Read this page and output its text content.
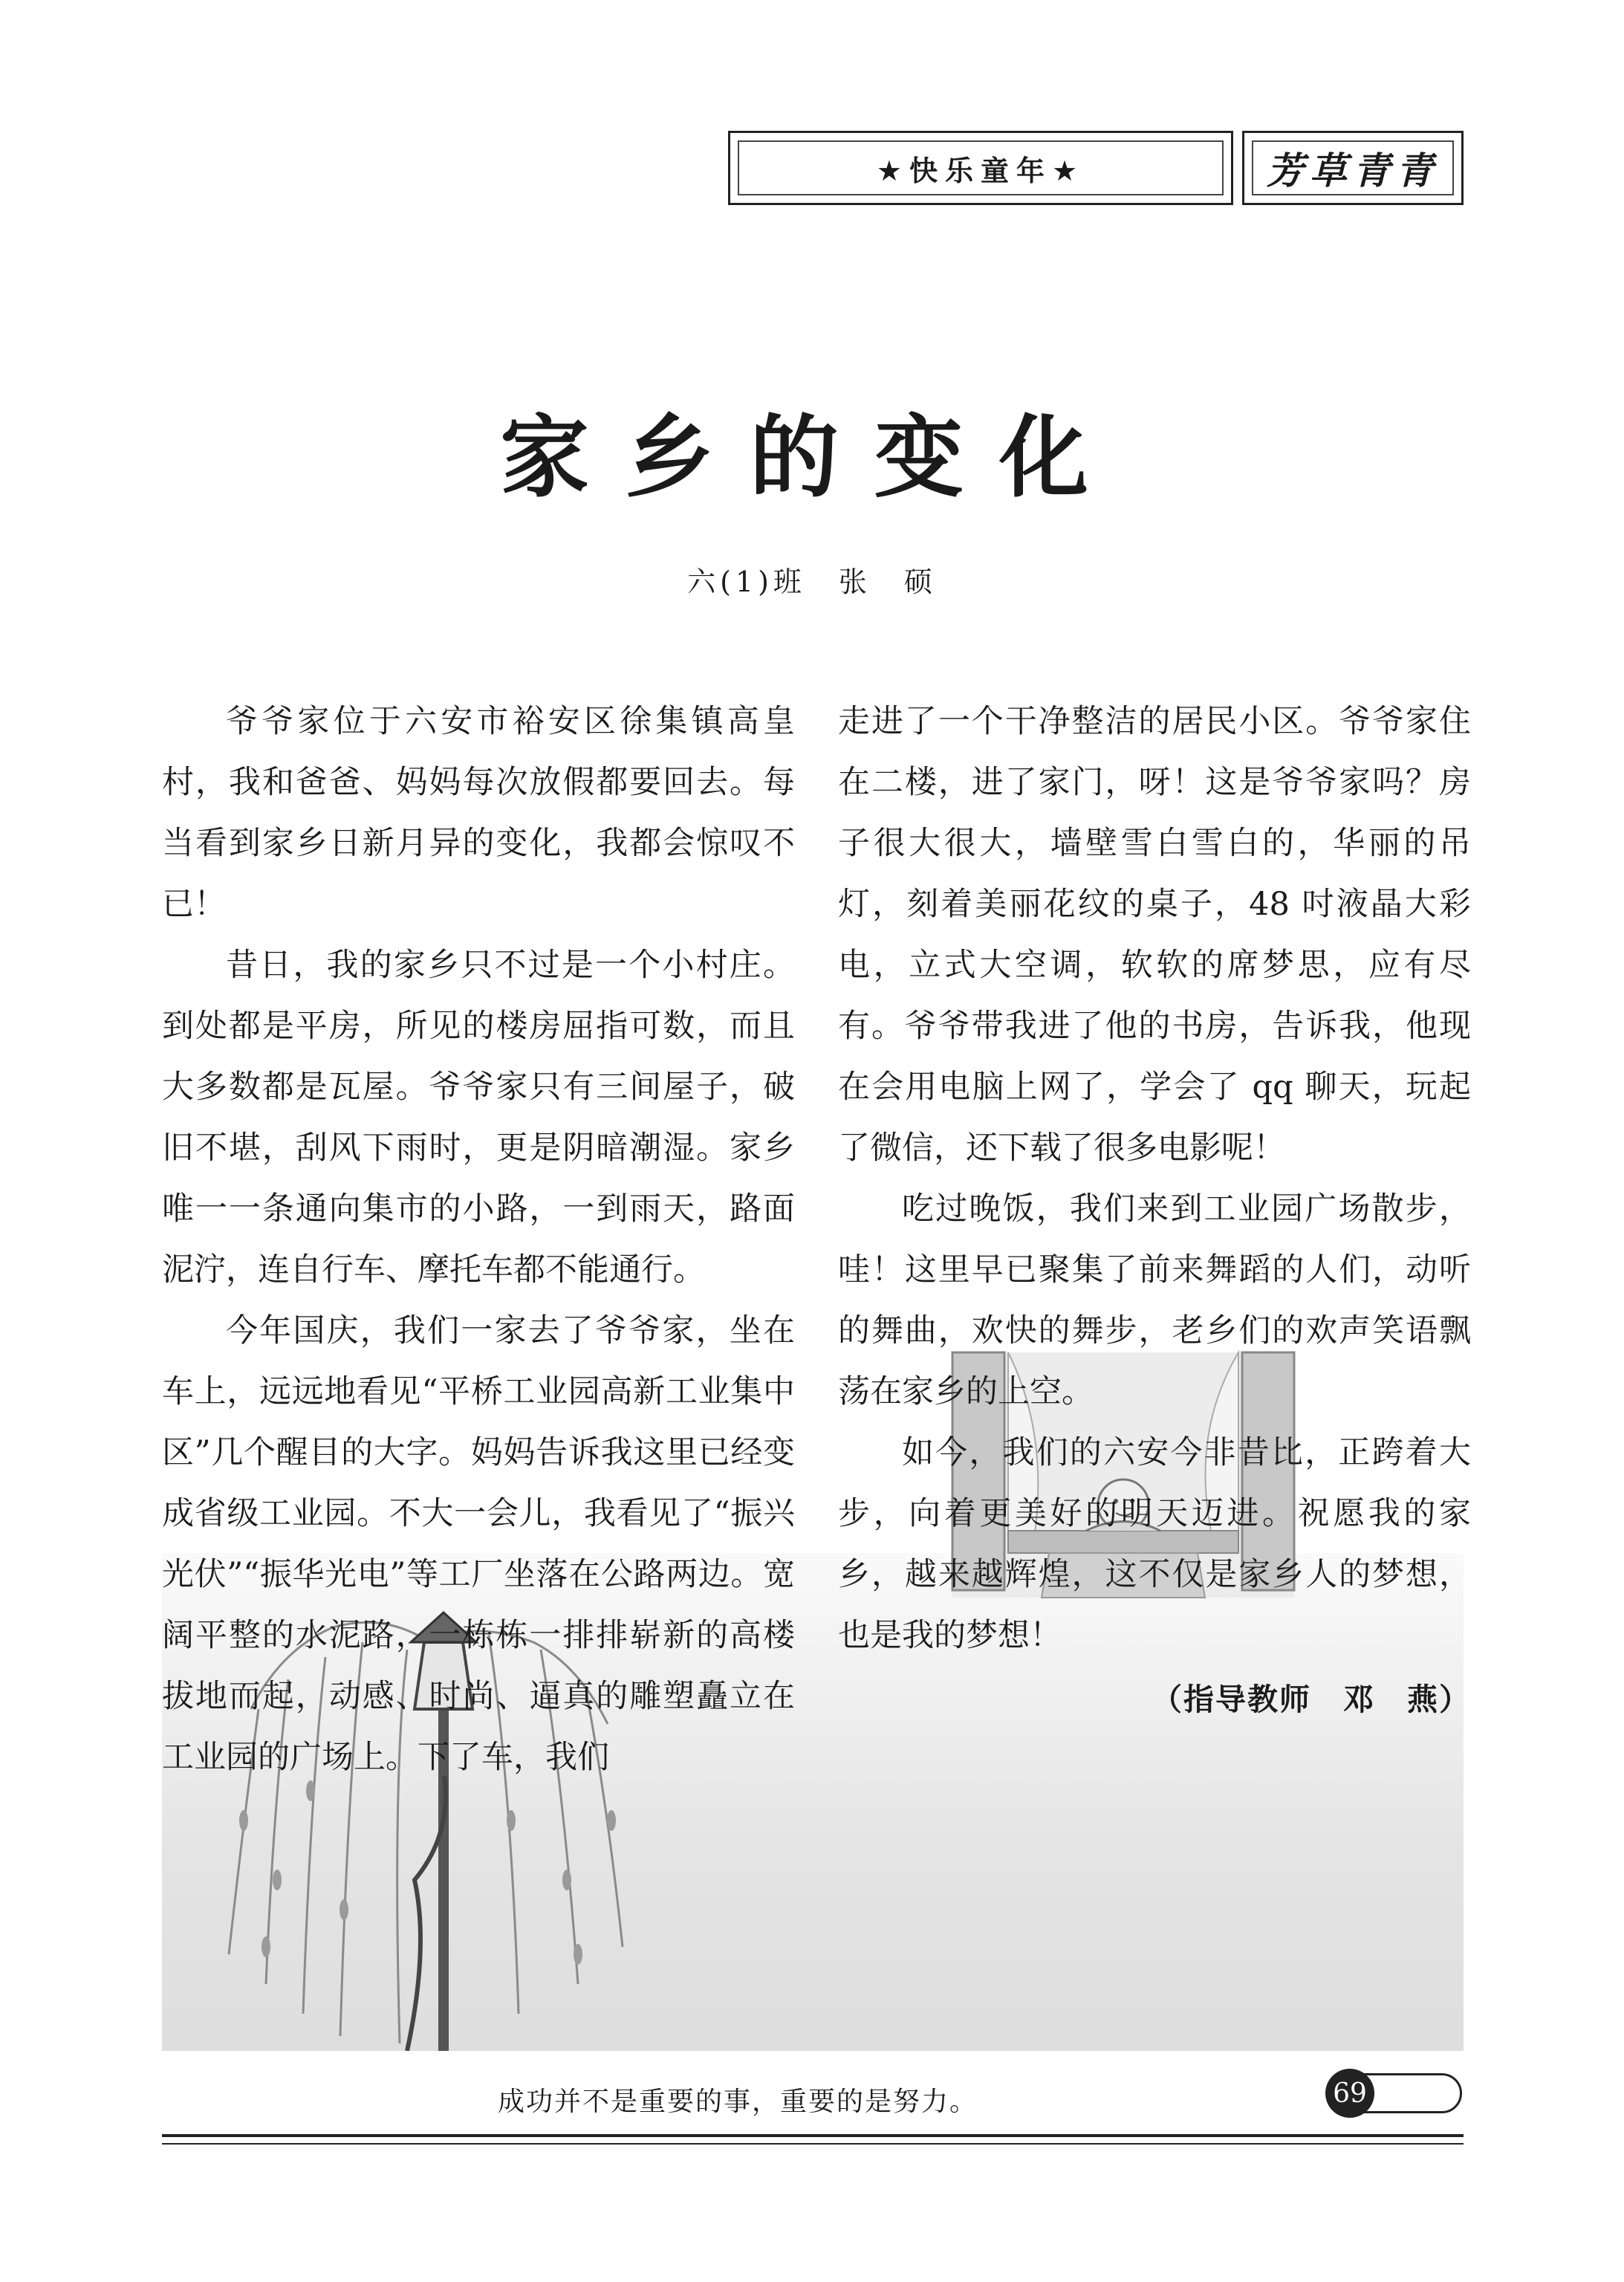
★快乐童年★	芳草青青
家乡的变化
六(1)班　张　硕

爷爷家位于六安市裕安区徐集镇高皇村，我和爸爸、妈妈每次放假都要回去。每当看到家乡日新月异的变化，我都会惊叹不已！

昔日，我的家乡只不过是一个小村庄。到处都是平房，所见的楼房屈指可数，而且大多数都是瓦屋。爷爷家只有三间屋子，破旧不堪，刮风下雨时，更是阴暗潮湿。家乡唯一一条通向集市的小路，一到雨天，路面泥泞，连自行车、摩托车都不能通行。

今年国庆，我们一家去了爷爷家，坐在车上，远远地看见“平桥工业园高新工业集中区”几个醒目的大字。妈妈告诉我这里已经变成省级工业园。不大一会儿，我看见了“振兴光伏”“振华光电”等工厂坐落在公路两边。宽阔平整的水泥路，一栋栋一排排崭新的高楼拔地而起，动感、时尚、逼真的雕塑矗立在工业园的广场上。下了车，我们

走进了一个干净整洁的居民小区。爷爷家住在二楼，进了家门，呀！这是爷爷家吗？房子很大很大，墙壁雪白雪白的，华丽的吊灯，刻着美丽花纹的桌子，48 吋液晶大彩电，立式大空调，软软的席梦思，应有尽有。爷爷带我进了他的书房，告诉我，他现在会用电脑上网了，学会了 qq 聊天，玩起了微信，还下载了很多电影呢！

吃过晚饭，我们来到工业园广场散步，哇！这里早已聚集了前来舞蹈的人们，动听的舞曲，欢快的舞步，老乡们的欢声笑语飘荡在家乡的上空。

如今，我们的六安今非昔比，正跨着大步，向着更美好的明天迈进。祝愿我的家乡，越来越辉煌，这不仅是家乡人的梦想，也是我的梦想！

（指导教师　邓　燕）
成功并不是重要的事，重要的是努力。	69
